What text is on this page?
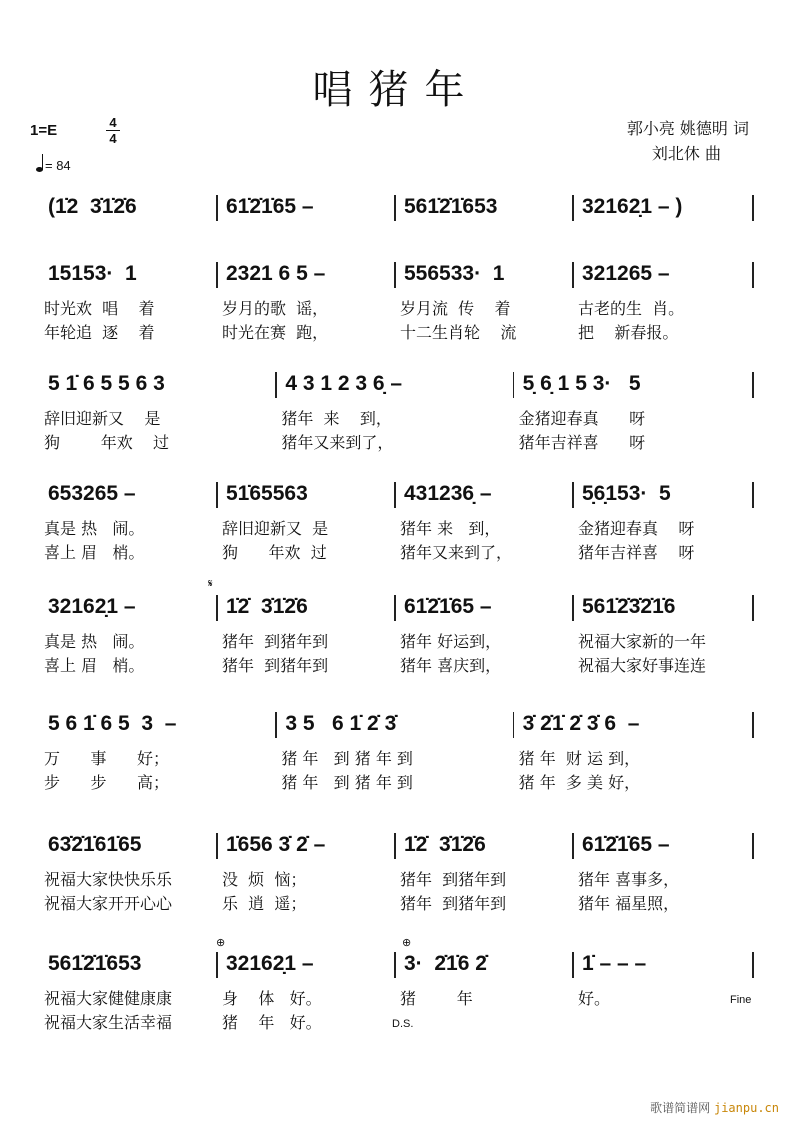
唱猪年
1=E	4
4
= 84
郭小亮 姚德明 词
刘北休 曲
(1̇2  3̇1̇2̇6	61̇2̇1̇65 –	561̇2̇1̇653	32162̣1 – )
15153·  1	2321 6 5 –	556533·  1	321265 –
时光欢  唱    着	岁月的歌  谣，	岁月流  传    着	古老的生  肖。
年轮追  逐    着	时光在赛  跑，	十二生肖轮    流	把    新春报。
5 1̇ 6 5 5 6 3	4 3 1 2 3 6̣ –	5̣ 6̣ 1 5 3·   5
辞旧迎新又    是	猪年  来    到，	金猪迎春真      呀
狗        年欢    过	猪年又来到了，	猪年吉祥喜      呀
653265 –	51̇65563	431236̣ –	5̣6̣153·  5
真是 热   闹。	辞旧迎新又  是	猪年 来   到，	金猪迎春真    呀
喜上 眉   梢。	狗      年欢  过	猪年又来到了，	猪年吉祥喜    呀
32162̣1 –	1̇2̇  3̇1̇2̇6	61̇2̇1̇65 –	561̇2̇3̇2̇1̇6
真是 热   闹。	猪年  到猪年到	猪年 好运到，	祝福大家新的一年
喜上 眉   梢。	猪年  到猪年到	猪年 喜庆到，	祝福大家好事连连
5 6 1̇ 6 5  3  –	3 5   6 1̇ 2̇ 3̇	3̇ 2̇1̇ 2̇ 3̇ 6  –
万      事      好；	猪 年   到 猪 年 到	猪 年  财 运 到，
步      步      高；	猪 年   到 猪 年 到	猪 年  多 美 好，
63̇2̇1̇61̇65	1̇656 3̇ 2̇ –	1̇2̇  3̇1̇2̇6	61̇2̇1̇65 –
祝福大家快快乐乐	没  烦  恼；	猪年  到猪年到	猪年 喜事多，
祝福大家开开心心	乐  逍  遥；	猪年  到猪年到	猪年 福星照，
561̇2̇1̇653	32162̣1 –	3·  2̇1̇6 2̇	1̇ – – –
祝福大家健健康康	身    体   好。	猪        年	好。
祝福大家生活幸福	猪    年   好。
𝄋
⊕	⊕
D.S.
Fine
歌谱简谱网 jianpu.cn
